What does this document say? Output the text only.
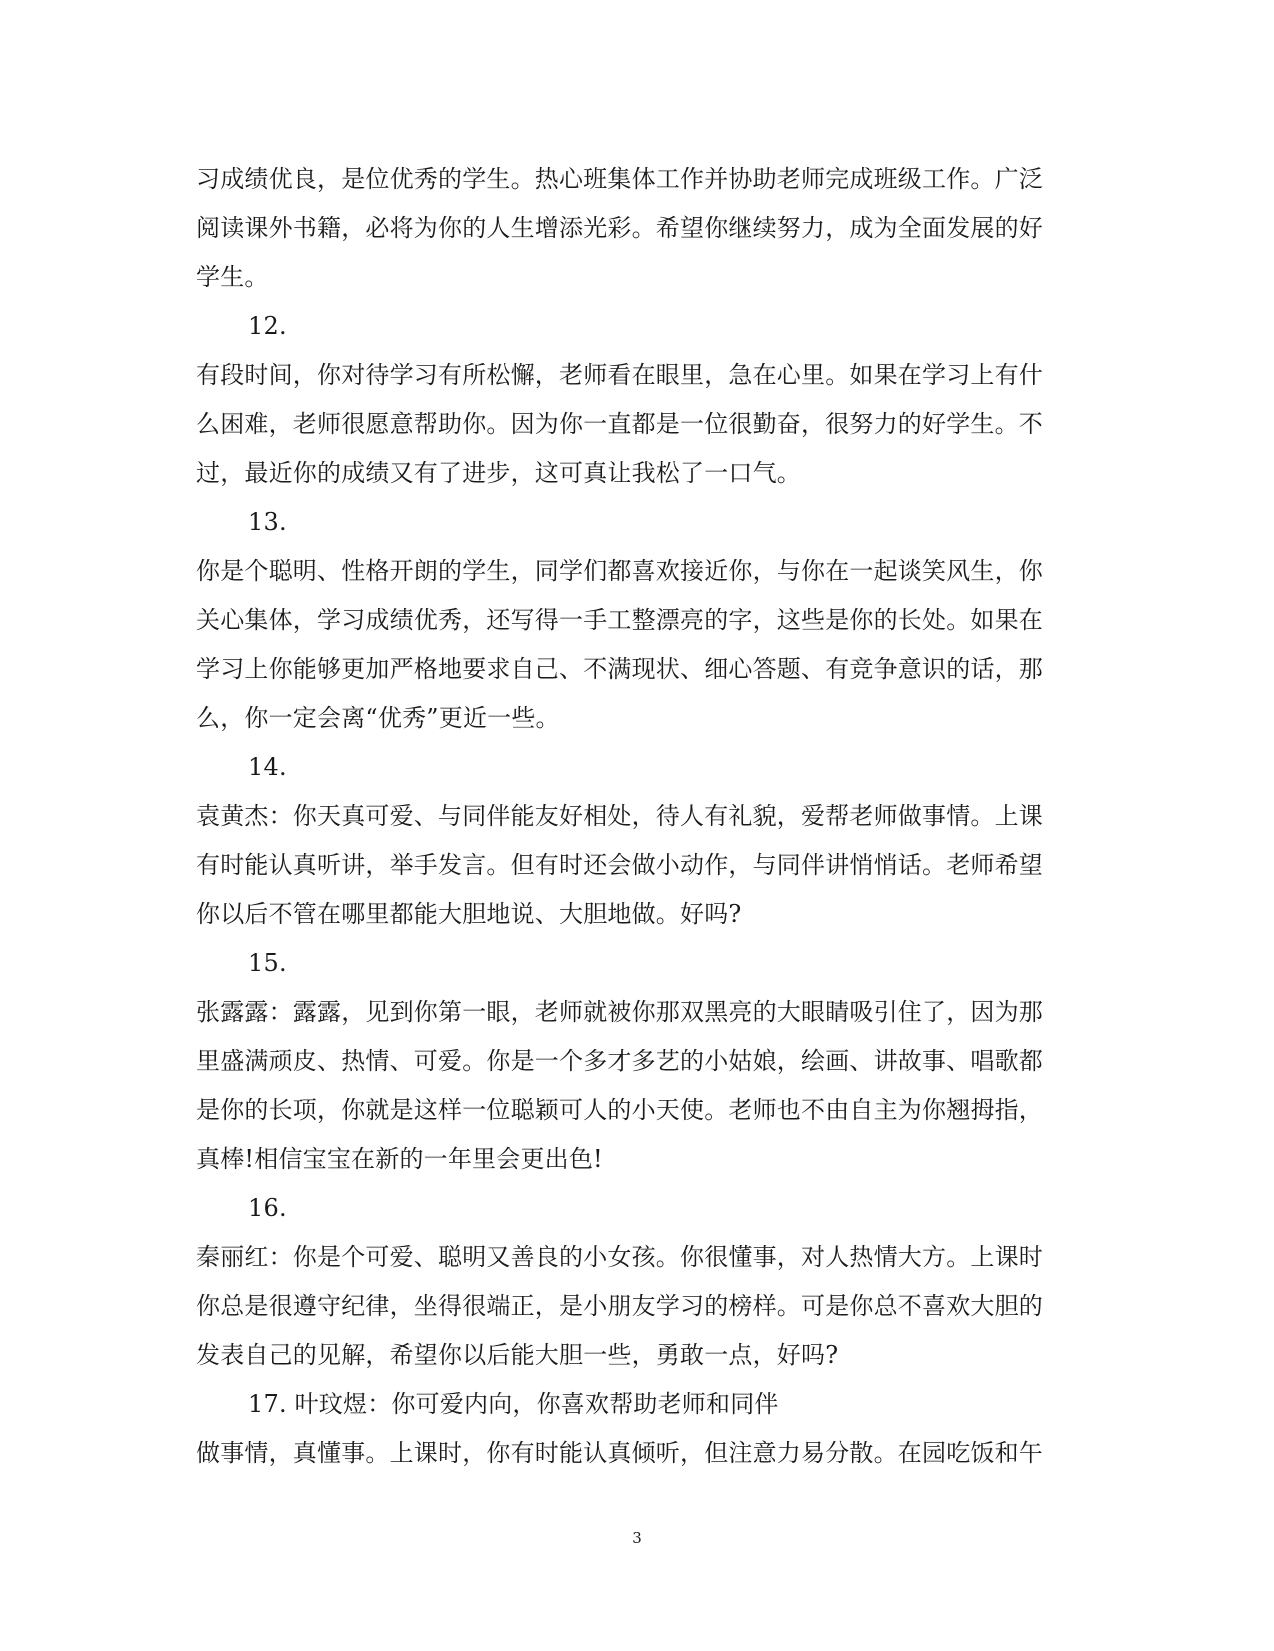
习成绩优良，是位优秀的学生。热心班集体工作并协助老师完成班级工作。广泛
阅读课外书籍，必将为你的人生增添光彩。希望你继续努力，成为全面发展的好
学生。
12.
有段时间，你对待学习有所松懈，老师看在眼里，急在心里。如果在学习上有什
么困难，老师很愿意帮助你。因为你一直都是一位很勤奋，很努力的好学生。不
过，最近你的成绩又有了进步，这可真让我松了一口气。
13.
你是个聪明、性格开朗的学生，同学们都喜欢接近你，与你在一起谈笑风生，你
关心集体，学习成绩优秀，还写得一手工整漂亮的字，这些是你的长处。如果在
学习上你能够更加严格地要求自己、不满现状、细心答题、有竞争意识的话，那
么，你一定会离“优秀”更近一些。
14.
袁黄杰：你天真可爱、与同伴能友好相处，待人有礼貌，爱帮老师做事情。上课
有时能认真听讲，举手发言。但有时还会做小动作，与同伴讲悄悄话。老师希望
你以后不管在哪里都能大胆地说、大胆地做。好吗?
15.
张露露：露露，见到你第一眼，老师就被你那双黑亮的大眼睛吸引住了，因为那
里盛满顽皮、热情、可爱。你是一个多才多艺的小姑娘，绘画、讲故事、唱歌都
是你的长项，你就是这样一位聪颖可人的小天使。老师也不由自主为你翘拇指，
真棒!相信宝宝在新的一年里会更出色!
16.
秦丽红：你是个可爱、聪明又善良的小女孩。你很懂事，对人热情大方。上课时
你总是很遵守纪律，坐得很端正，是小朋友学习的榜样。可是你总不喜欢大胆的
发表自己的见解，希望你以后能大胆一些，勇敢一点，好吗?
17. 叶玟煜：你可爱内向，你喜欢帮助老师和同伴
做事情，真懂事。上课时，你有时能认真倾听，但注意力易分散。在园吃饭和午
3
